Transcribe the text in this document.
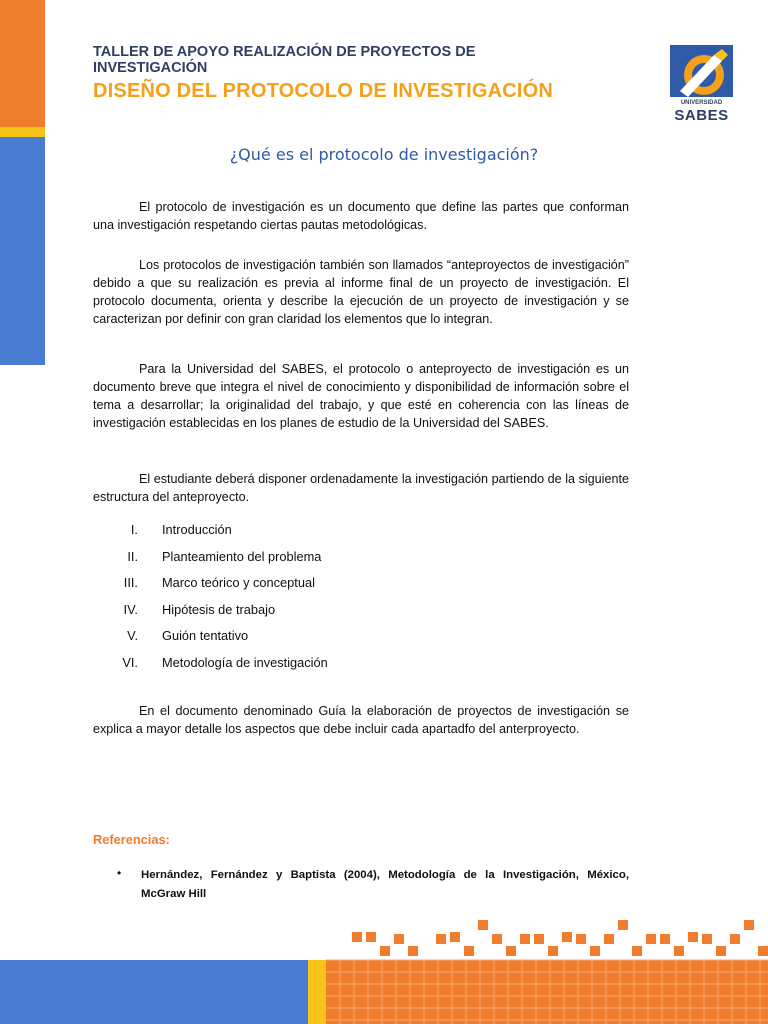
TALLER DE APOYO REALIZACIÓN DE PROYECTOS DE INVESTIGACIÓN
DISEÑO DEL PROTOCOLO DE INVESTIGACIÓN
UNIVERSIDAD
SABES
¿Qué es el protocolo de investigación?

El protocolo de investigación es un documento que define las partes que conforman una investigación respetando ciertas pautas metodológicas.

Los protocolos de investigación también son llamados “anteproyectos de investigación” debido a que su realización es previa al informe final de un proyecto de investigación. El protocolo documenta, orienta y describe la ejecución de un proyecto de investigación y se caracterizan por definir con gran claridad los elementos que lo integran.

Para la Universidad del SABES, el protocolo o anteproyecto de investigación es un documento breve que integra el nivel de conocimiento y disponibilidad de información sobre el tema a desarrollar; la originalidad del trabajo, y que esté en coherencia con las líneas de investigación establecidas en los planes de estudio de la Universidad del SABES.

El estudiante deberá disponer ordenadamente la investigación partiendo de la siguiente estructura del anteproyecto.

I. Introducción
II. Planteamiento del problema
III. Marco teórico y conceptual
IV. Hipótesis de trabajo
V. Guión tentativo
VI. Metodología de investigación

En el documento denominado Guía la elaboración de proyectos de investigación se explica a mayor detalle los aspectos que debe incluir cada apartadfo del anterproyecto.

Referencias:
• Hernández, Fernández y Baptista (2004), Metodología de la Investigación, México, McGraw Hill
